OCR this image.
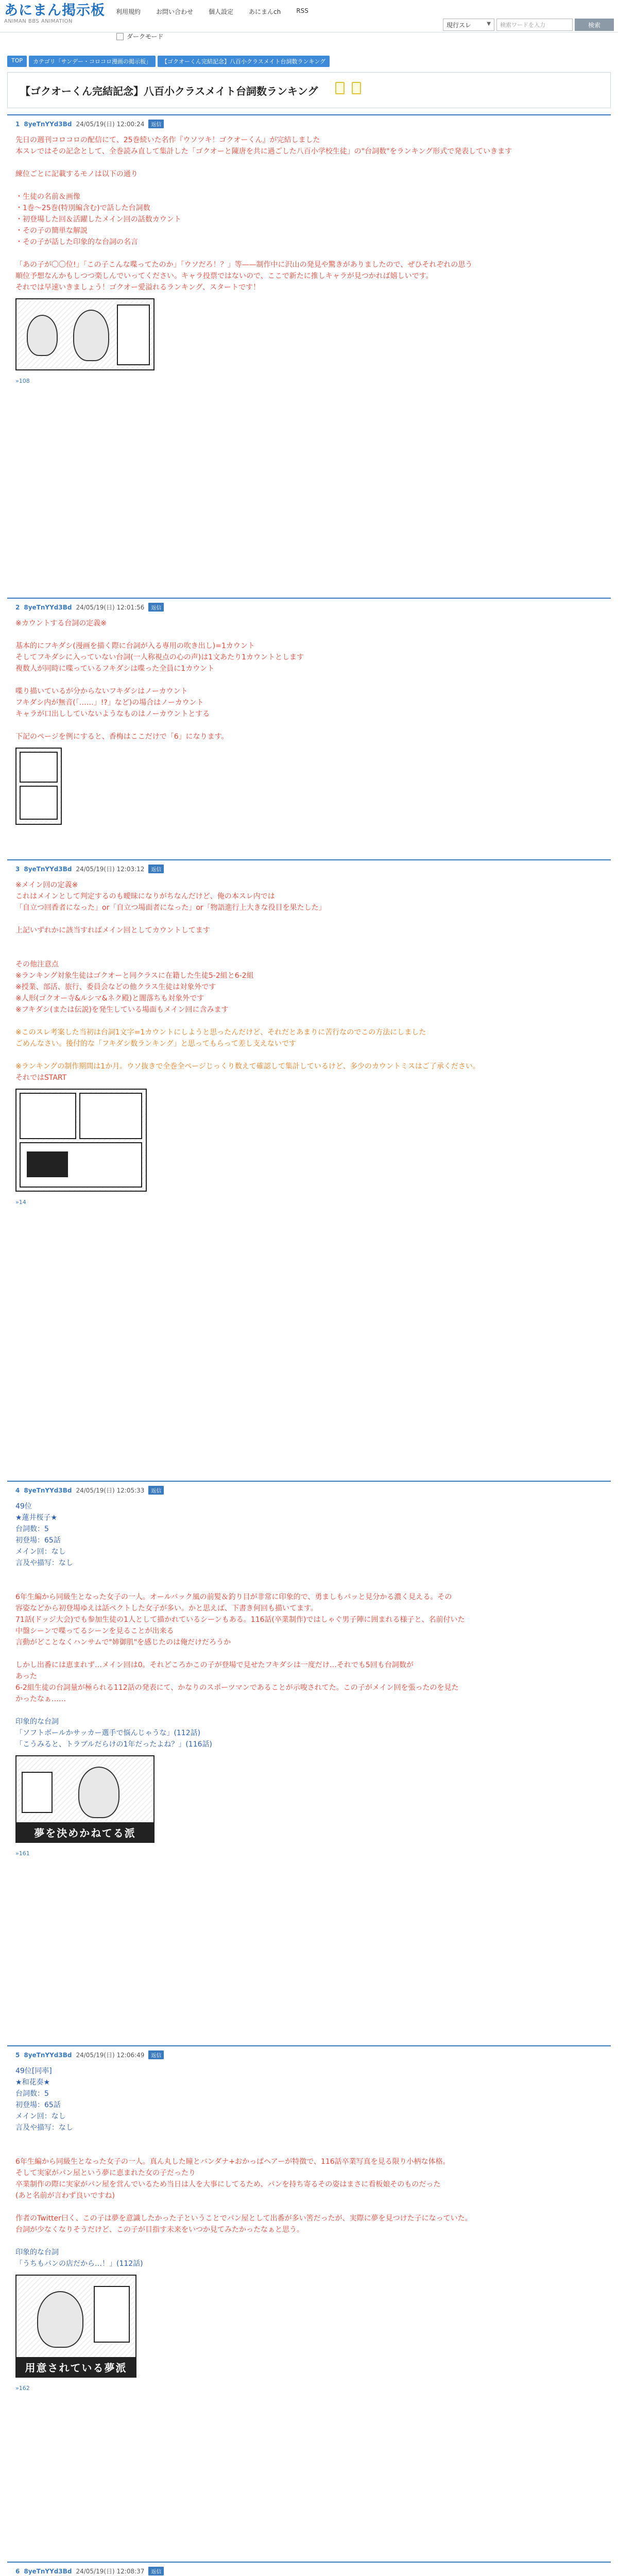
あにまん掲示板
ANIMAN BBS ANIMATION
利用規約	お問い合わせ	個人設定	あにまんch	RSS
現行スレ	▼ 検索ワードを入力	検索
ダークモード
TOP	カテゴリ「サンデー・コロコロ漫画の掲示板」	【ゴクオーくん完結記念】八百小クラスメイト台詞数ランキング
【ゴクオーくん完結記念】八百小クラスメイト台詞数ランキング
1 8yeTnYYd3Bd 24/05/19(日) 12:00:24	返信
先日の週刊コロコロの配信にて、25巻続いた名作『ウソツキ！ゴクオーくん』が完結しました
本スレではその記念として、全巻読み直して集計した「ゴクオーと陳唐を共に過ごした八百小学校生徒」の"台詞数"をランキング形式で発表していきます
練位ごとに記載するモノは以下の通り
・生徒の名前＆画像
・1巻〜25巻(特別編含む)で話した台詞数
・初登場した回＆活躍したメイン回の話数カウント
・その子の簡単な解説
・その子が話した印象的な台詞の名言
「あの子が〇〇位!」「この子こんな喋ってたのか」「ウソだろ！？」等——制作中に沢山の発見や驚きがありましたので、ぜひそれぞれの思う
順位予想なんかもしつつ楽しんでいってください。キャラ投票ではないので、ここで新たに推しキャラが見つかれば嬉しいです。
それでは早速いきましょう！ゴクオー愛溢れるランキング、スタートです！
»108
2 8yeTnYYd3Bd 24/05/19(日) 12:01:56	返信
※カウントする台詞の定義※
基本的にフキダシ(漫画を描く際に台詞が入る専用の吹き出し)=1カウント
そしてフキダシに入っていない台詞(一人称視点の心の声)は1文あたり1カウントとします
複数人が同時に喋っているフキダシは喋った全員に1カウント
喋り描いているが分からないフキダシはノーカウント
フキダシ内が無音(「……」!?」など)の場合はノーカウント
キャラが口出ししていないようなものはノーカウントとする
下記のページを例にすると、香梅はここだけで「6」になります。
3 8yeTnYYd3Bd 24/05/19(日) 12:03:12	返信
※メイン回の定義※
これはメインとして判定するのも曖昧になりがちなんだけど、俺の本スレ内では
「自立つ回香者になった」or「自立つ場面者になった」or「物語進行上大きな役目を果たした」
上記いずれかに該当すればメイン回としてカウントしてます
その他注意点
※ランキング対象生徒はゴクオーと同クラスに在籍した生徒5-2組と6-2組
※授業、部活、旅行、委員会などの他クラス生徒は対象外です
※人形(ゴクオー寺&ルシマ&ネク殿)と闇落ちも対象外です
※フキダシ(または伝説)を発生している場面もメイン回に含みます
※このスレ考案した当初は台詞1文字=1カウントにしようと思ったんだけど、それだとあまりに苦行なのでこの方法にしました
ごめんなさい。後付的な「フキダシ数ランキング」と思ってもらって差し支えないです
※ランキングの制作期間は1か月。ウソ抜きで全巻全ページじっくり数えて確認して集計しているけど、多少のカウントミスはご了承ください。
それではSTART
»14
4 8yeTnYYd3Bd 24/05/19(日) 12:05:33	返信
49位
★蓮井桜子★
台詞数：5
初登場：65話
メイン回：なし
言及や描写：なし
6年生編から同級生となった女子の一人。オールバック風の前髪＆釣り目が非常に印象的で、勇ましもパッと見分かる濃く見える。その
容姿などから初登場ゆえは話ペクトした女子が多い。かと思えば、下書き何回も描いてます。
71話(ドッジ大会)でも参加生徒の1人として描かれているシーンもある。116話(卒業制作)ではしゃぐ男子陣に囲まれる様子と、名前付いた
中盤シーンで喋ってるシーンを見ることが出来る
言動がどことなくハンサムで"姉御肌"を感じたのは俺だけだろうか
しかし出番には恵まれず…メイン回は0。それどころかこの子が登場で見せたフキダシは一度だけ…それでも5回も台詞数が
あった
6-2組生徒の台詞量が極られる112話の発表にて、かなりのスポーツマンであることが示唆されてた。この子がメイン回を張ったのを見た
かったなぁ……
印象的な台詞
「ソフトボールかサッカー選手で悩んじゃうな」(112話)
「こうみると、トラブルだらけの1年だったよね？」(116話)
夢を決めかねてる派
»161
5 8yeTnYYd3Bd 24/05/19(日) 12:06:49	返信
49位[同率]
★和花奏★
台詞数：5
初登場：65話
メイン回：なし
言及や描写：なし
6年生編から同級生となった女子の一人。真ん丸した瞳とバンダナ+おかっぱヘアーが特徴で、116話卒業写真を見る限り小柄な体格。
そして実家がパン屋という夢に恵まれた女の子だったり
卒業制作の際に実家がパン屋を営んでいるため当日は人を大事にしてるため、パンを持ち寄るその姿はまさに看板娘そのものだった
(あと名前が言わず良いですね)
作者のTwitter曰く、この子は夢を意識したかった子ということでパン屋として出番が多い筈だったが、実際に夢を見つけた子になっていた。
台詞が少なくなりそうだけど、この子が目指す未来をいつか見てみたかったなぁと思う。
印象的な台詞
「うちもパンの店だから…！」(112話)
用意されている夢派
»162
6 8yeTnYYd3Bd 24/05/19(日) 12:08:37	返信
